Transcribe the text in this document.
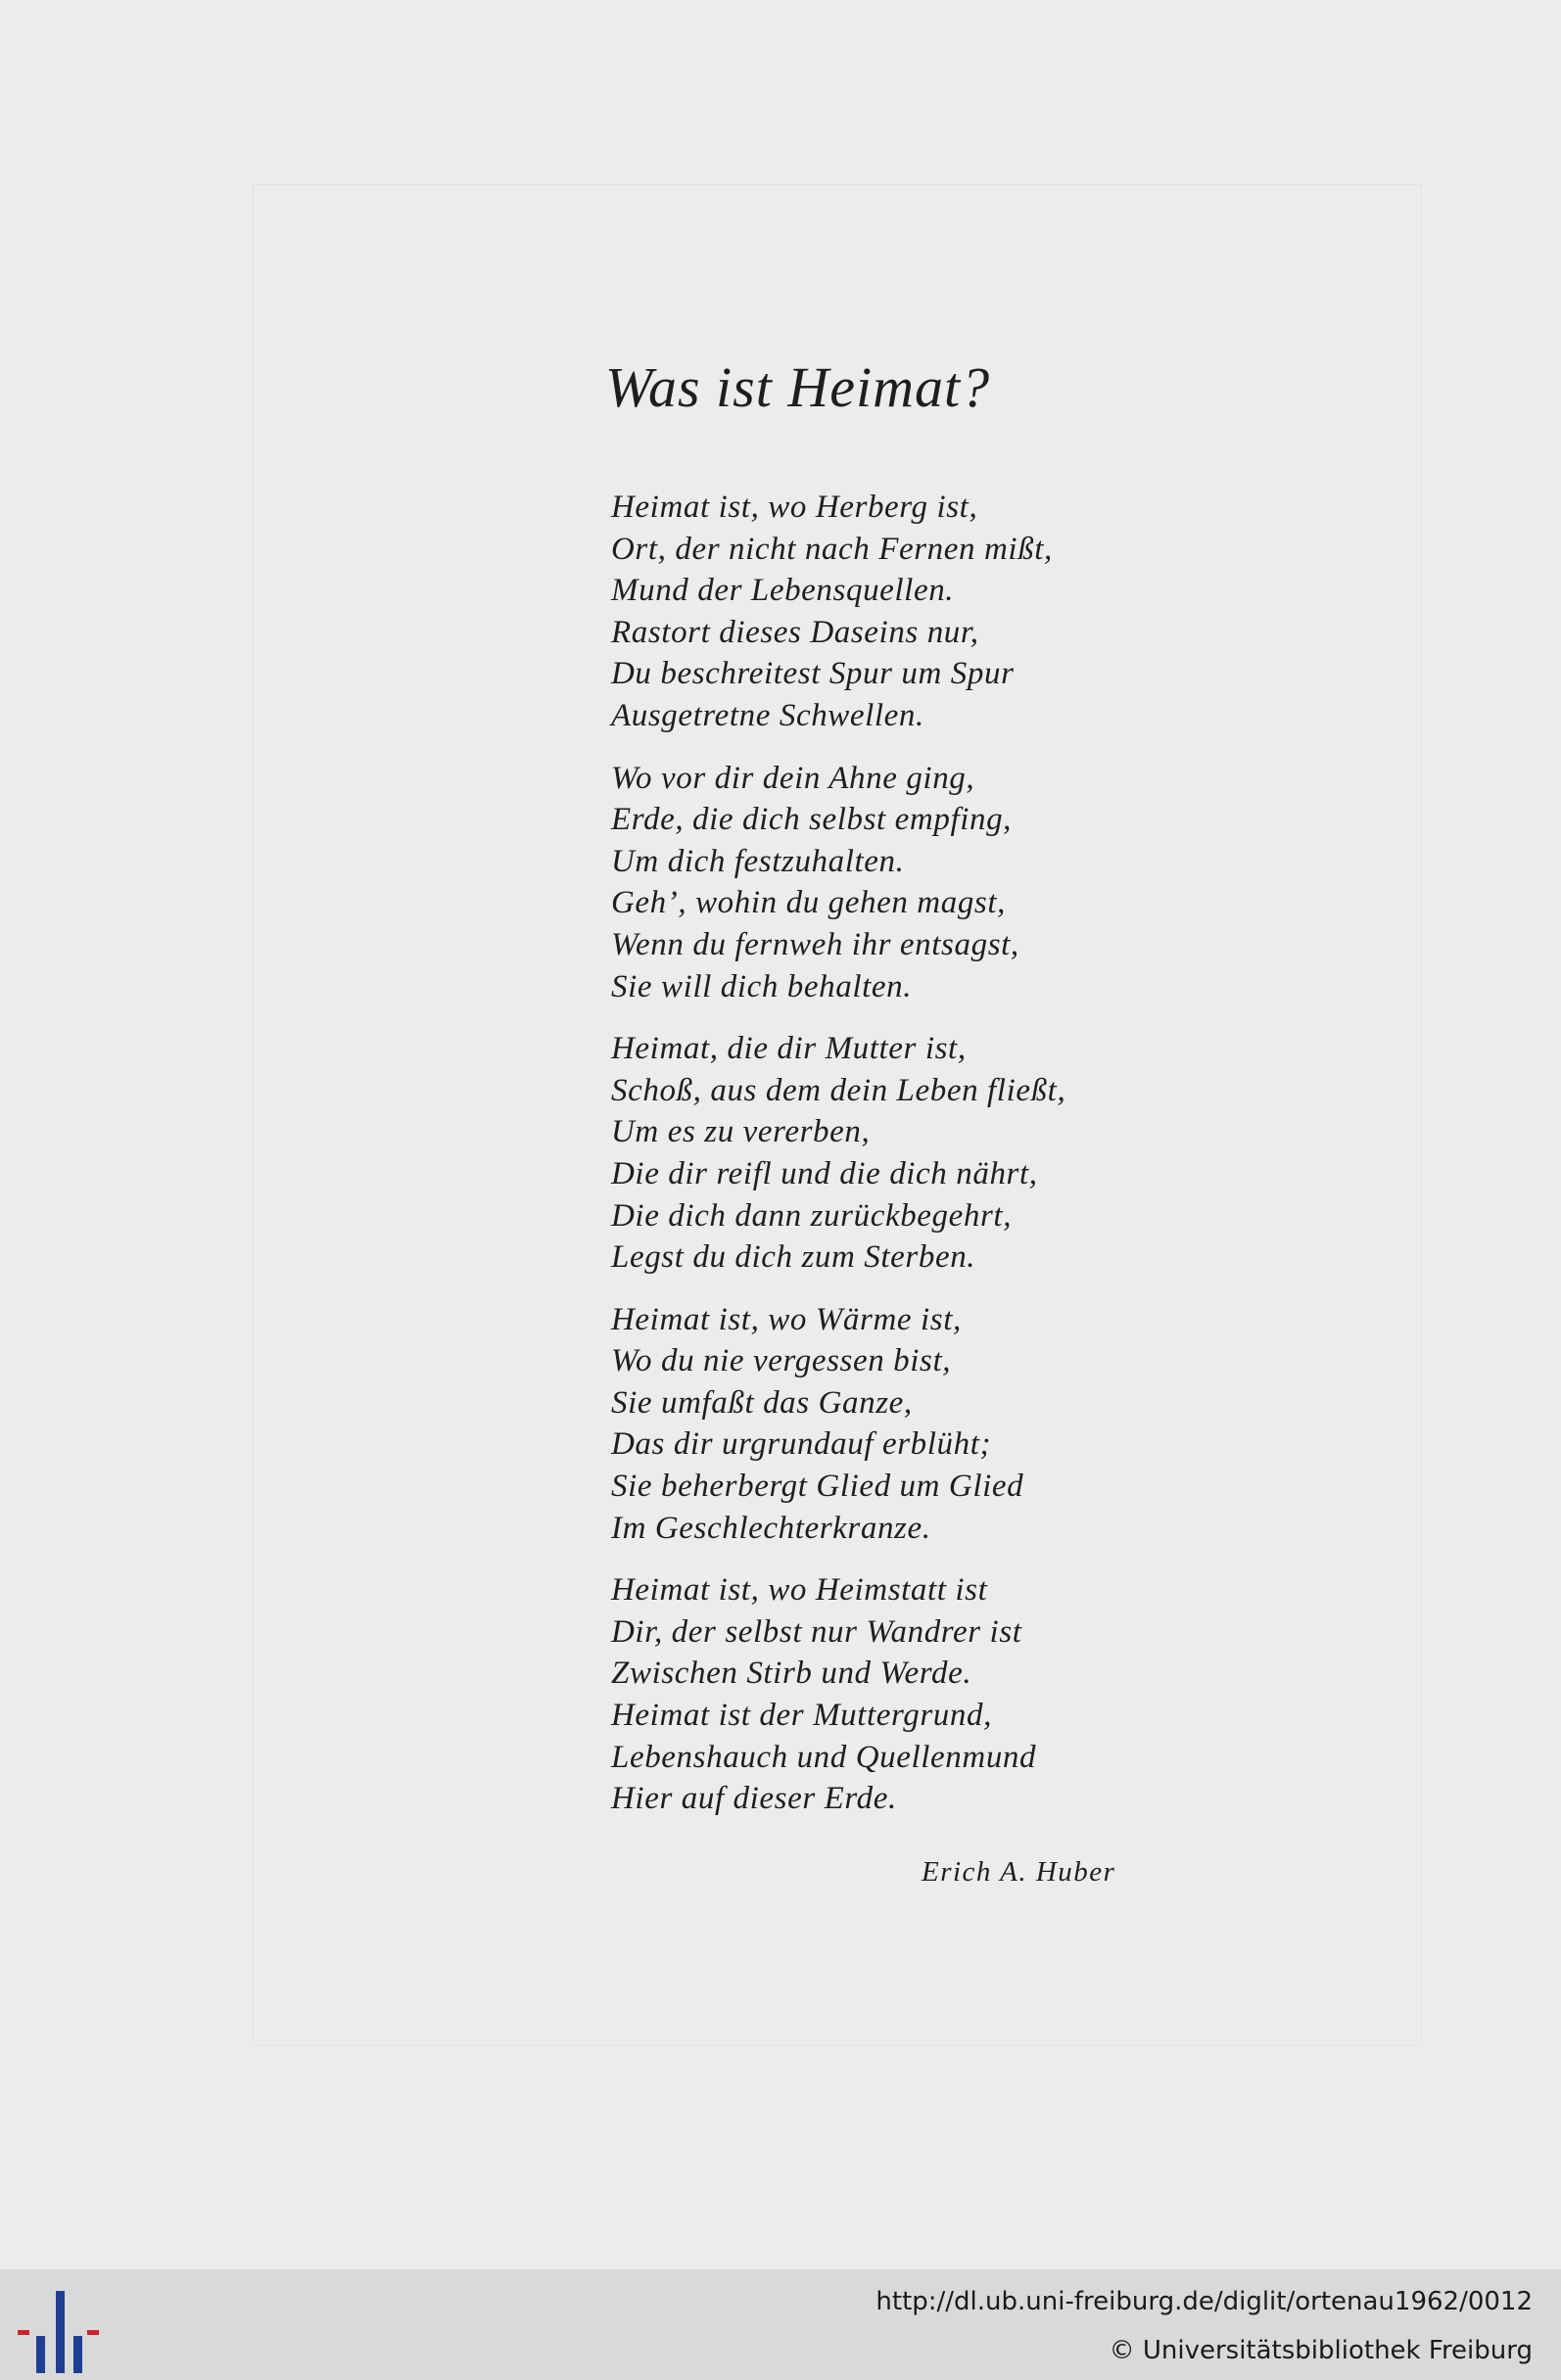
Was ist Heimat?
Heimat ist, wo Herberg ist,
Ort, der nicht nach Fernen mißt,
Mund der Lebensquellen.
Rastort dieses Daseins nur,
Du beschreitest Spur um Spur
Ausgetretne Schwellen.
Wo vor dir dein Ahne ging,
Erde, die dich selbst empfing,
Um dich festzuhalten.
Geh’, wohin du gehen magst,
Wenn du fernweh ihr entsagst,
Sie will dich behalten.
Heimat, die dir Mutter ist,
Schoß, aus dem dein Leben fließt,
Um es zu vererben,
Die dir reifl und die dich nährt,
Die dich dann zurückbegehrt,
Legst du dich zum Sterben.
Heimat ist, wo Wärme ist,
Wo du nie vergessen bist,
Sie umfaßt das Ganze,
Das dir urgrundauf erblüht;
Sie beherbergt Glied um Glied
Im Geschlechterkranze.
Heimat ist, wo Heimstatt ist
Dir, der selbst nur Wandrer ist
Zwischen Stirb und Werde.
Heimat ist der Muttergrund,
Lebenshauch und Quellenmund
Hier auf dieser Erde.
Erich A. Huber
http://dl.ub.uni-freiburg.de/diglit/ortenau1962/0012
© Universitätsbibliothek Freiburg
